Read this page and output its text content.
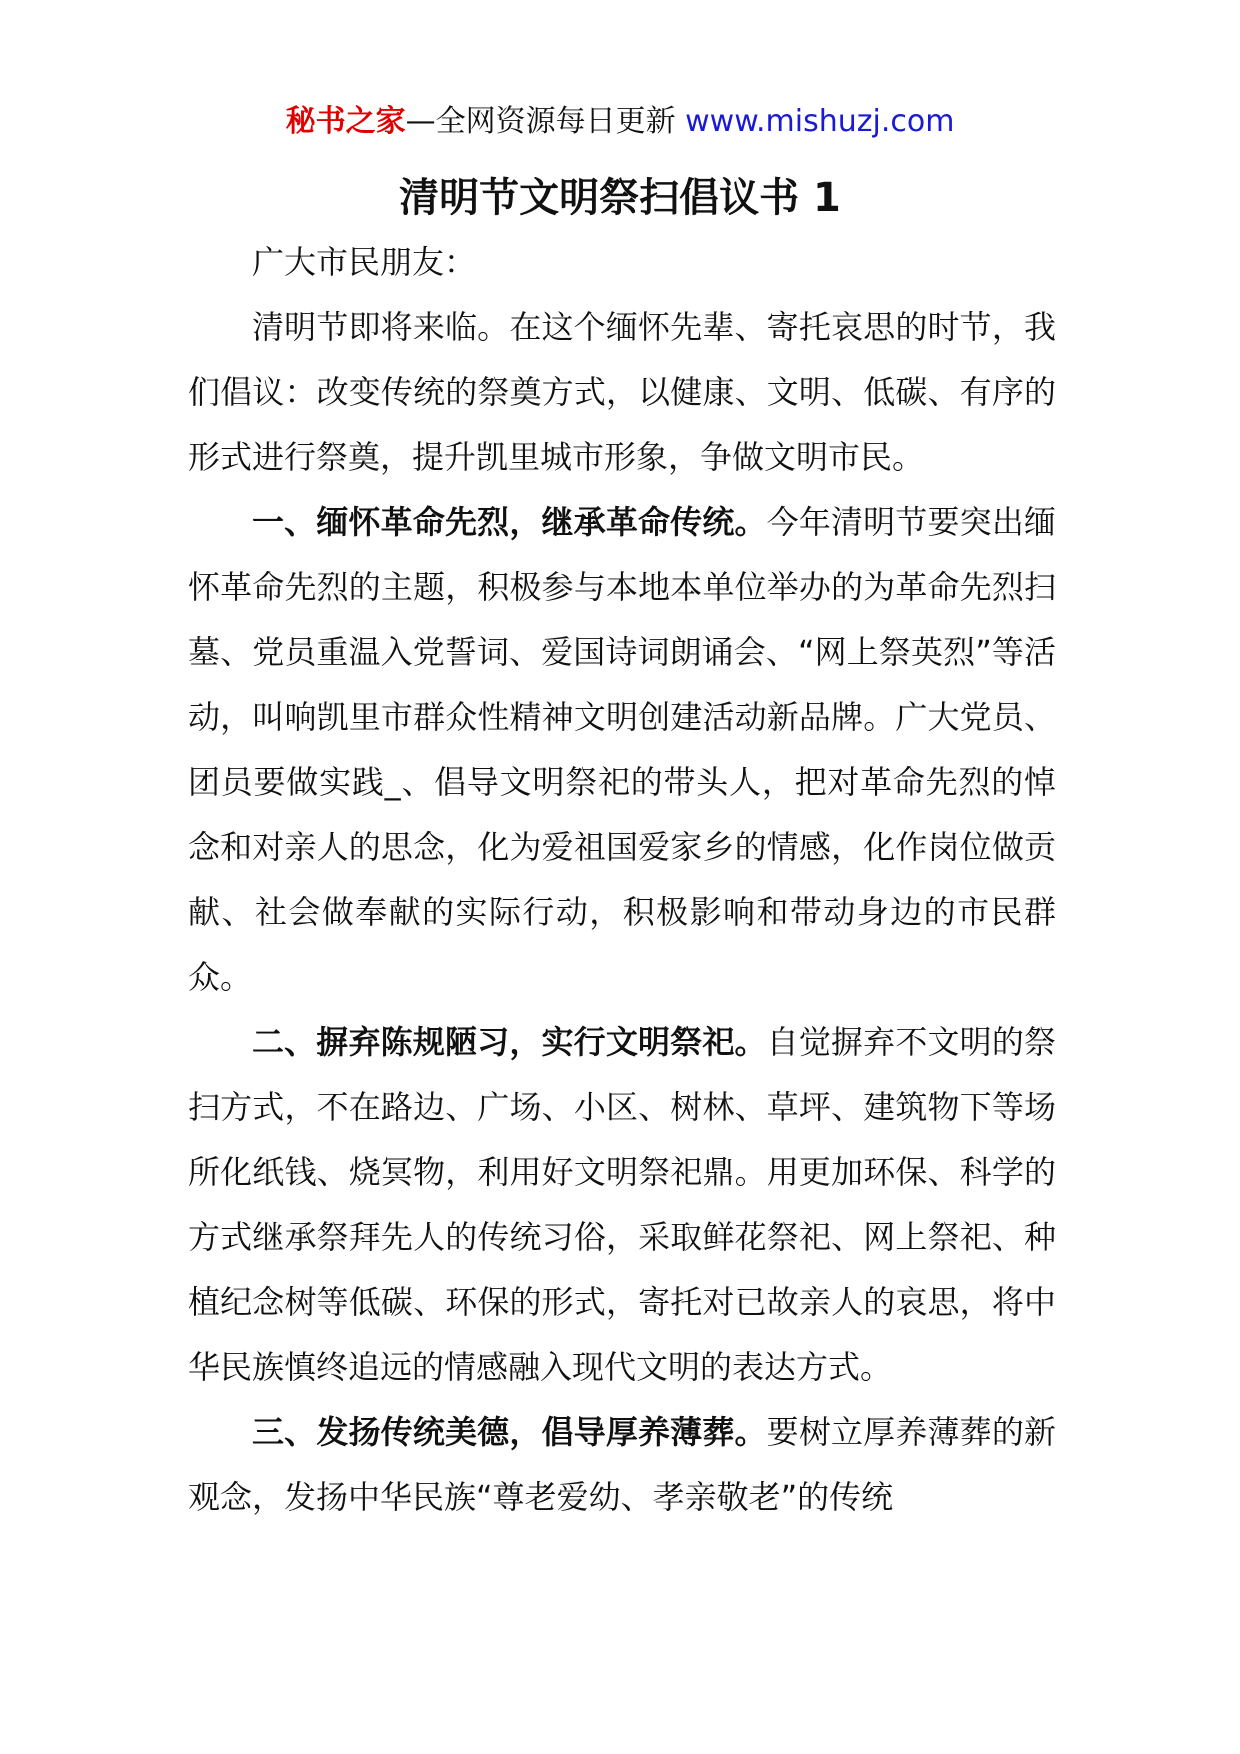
秘书之家—全网资源每日更新 www.mishuzj.com
清明节文明祭扫倡议书 1

广大市民朋友：

清明节即将来临。在这个缅怀先辈、寄托哀思的时节，我们倡议：改变传统的祭奠方式，以健康、文明、低碳、有序的形式进行祭奠，提升凯里城市形象，争做文明市民。

一、缅怀革命先烈，继承革命传统。今年清明节要突出缅怀革命先烈的主题，积极参与本地本单位举办的为革命先烈扫墓、党员重温入党誓词、爱国诗词朗诵会、“网上祭英烈”等活动，叫响凯里市群众性精神文明创建活动新品牌。广大党员、团员要做实践_、倡导文明祭祀的带头人，把对革命先烈的悼念和对亲人的思念，化为爱祖国爱家乡的情感，化作岗位做贡献、社会做奉献的实际行动，积极影响和带动身边的市民群众。

二、摒弃陈规陋习，实行文明祭祀。自觉摒弃不文明的祭扫方式，不在路边、广场、小区、树林、草坪、建筑物下等场所化纸钱、烧冥物，利用好文明祭祀鼎。用更加环保、科学的方式继承祭拜先人的传统习俗，采取鲜花祭祀、网上祭祀、种植纪念树等低碳、环保的形式，寄托对已故亲人的哀思，将中华民族慎终追远的情感融入现代文明的表达方式。

三、发扬传统美德，倡导厚养薄葬。要树立厚养薄葬的新观念，发扬中华民族“尊老爱幼、孝亲敬老”的传统
